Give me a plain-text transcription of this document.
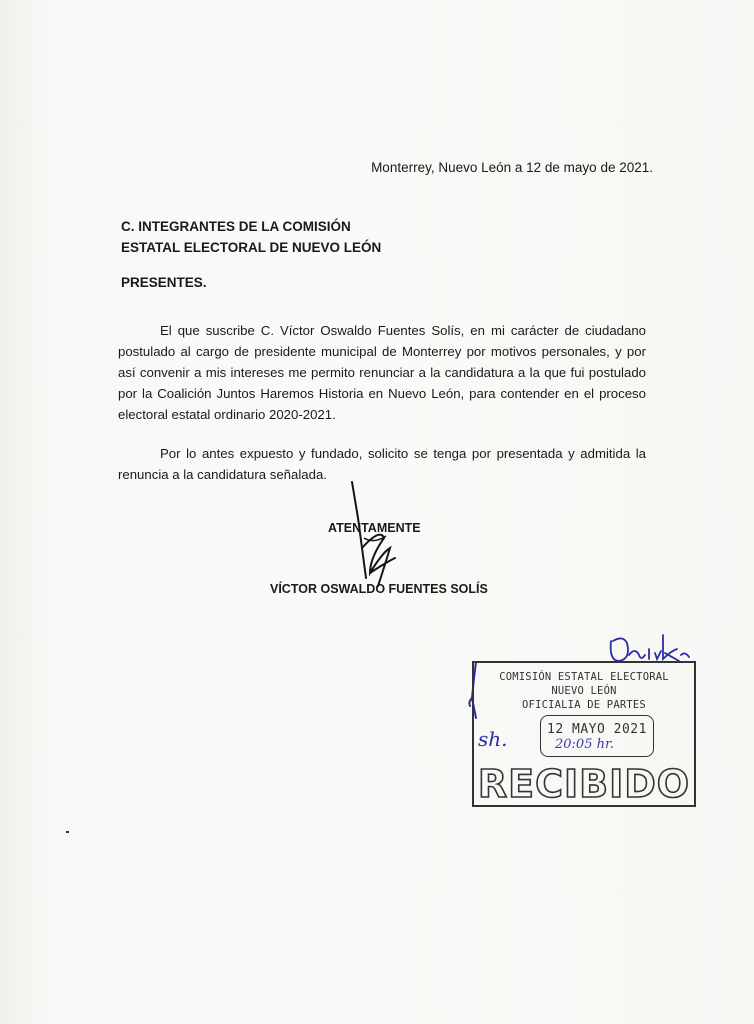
Monterrey, Nuevo León a 12 de mayo de 2021.
C. INTEGRANTES DE LA COMISIÓN
ESTATAL ELECTORAL DE NUEVO LEÓN
PRESENTES.
El que suscribe C. Víctor Oswaldo Fuentes Solís, en mi carácter de ciudadano postulado al cargo de presidente municipal de Monterrey por motivos personales, y por así convenir a mis intereses me permito renunciar a la candidatura a la que fui postulado por la Coalición Juntos Haremos Historia en Nuevo León, para contender en el proceso electoral estatal ordinario 2020-2021.
Por lo antes expuesto y fundado, solicito se tenga por presentada y admitida la renuncia a la candidatura señalada.
ATENTAMENTE
VÍCTOR OSWALDO FUENTES SOLÍS
COMISIÓN ESTATAL ELECTORAL
NUEVO LEÓN
OFICIALIA DE PARTES
12 MAYO 2021
20:05 hr.
RECIBIDO
sh.
